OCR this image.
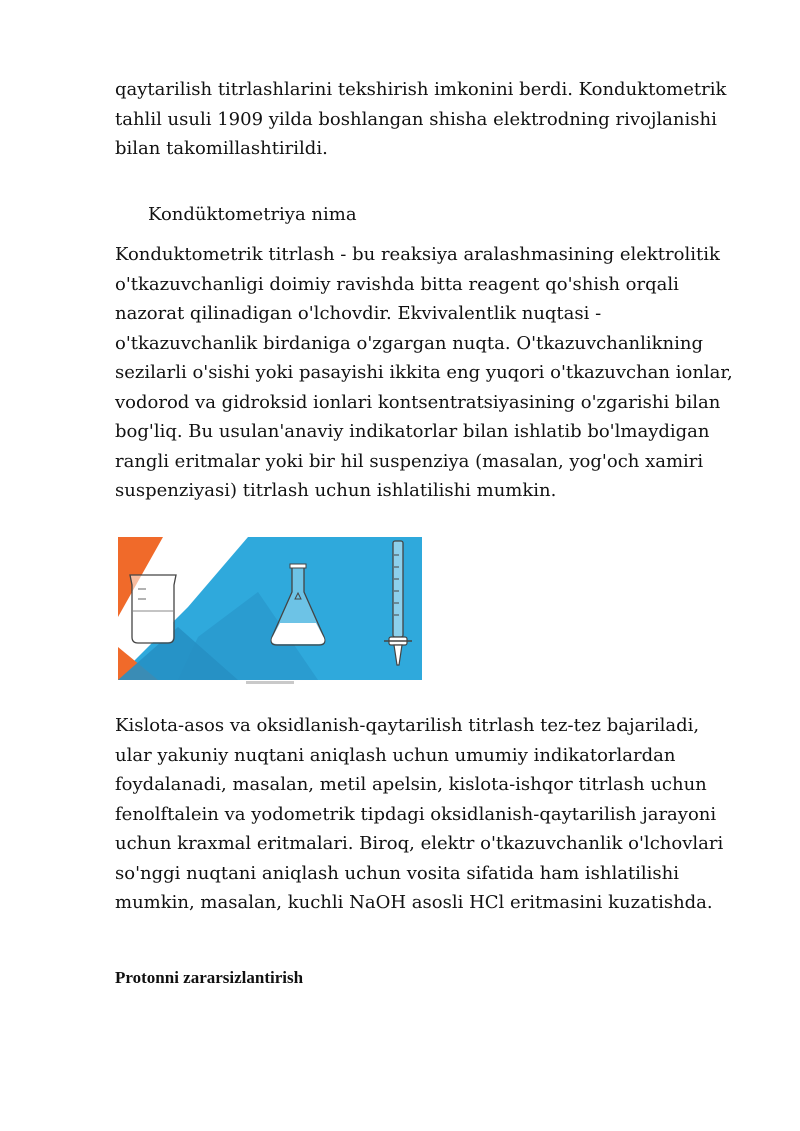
qaytarilish titrlashlarini tekshirish imkonini berdi. Konduktometrik tahlil usuli 1909 yilda boshlangan shisha elektrodning rivojlanishi bilan takomillashtirildi.

Kondüktometriya nima

Konduktometrik titrlash - bu reaksiya aralashmasining elektrolitik o'tkazuvchanligi doimiy ravishda bitta reagent qo'shish orqali nazorat qilinadigan o'lchovdir. Ekvivalentlik nuqtasi - o'tkazuvchanlik birdaniga o'zgargan nuqta. O'tkazuvchanlikning sezilarli o'sishi yoki pasayishi ikkita eng yuqori o'tkazuvchan ionlar, vodorod va gidroksid ionlari kontsentratsiyasining o'zgarishi bilan bog'liq. Bu usulan'anaviy indikatorlar bilan ishlatib bo'lmaydigan rangli eritmalar yoki bir hil suspenziya (masalan, yog'och xamiri suspenziyasi) titrlash uchun ishlatilishi mumkin.

Kislota-asos va oksidlanish-qaytarilish titrlash tez-tez bajariladi, ular yakuniy nuqtani aniqlash uchun umumiy indikatorlardan foydalanadi, masalan, metil apelsin, kislota-ishqor titrlash uchun fenolftalein va yodometrik tipdagi oksidlanish-qaytarilish jarayoni uchun kraxmal eritmalari. Biroq, elektr o'tkazuvchanlik o'lchovlari so'nggi nuqtani aniqlash uchun vosita sifatida ham ishlatilishi mumkin, masalan, kuchli NaOH asosli HCl eritmasini kuzatishda.

Protonni zararsizlantirish
